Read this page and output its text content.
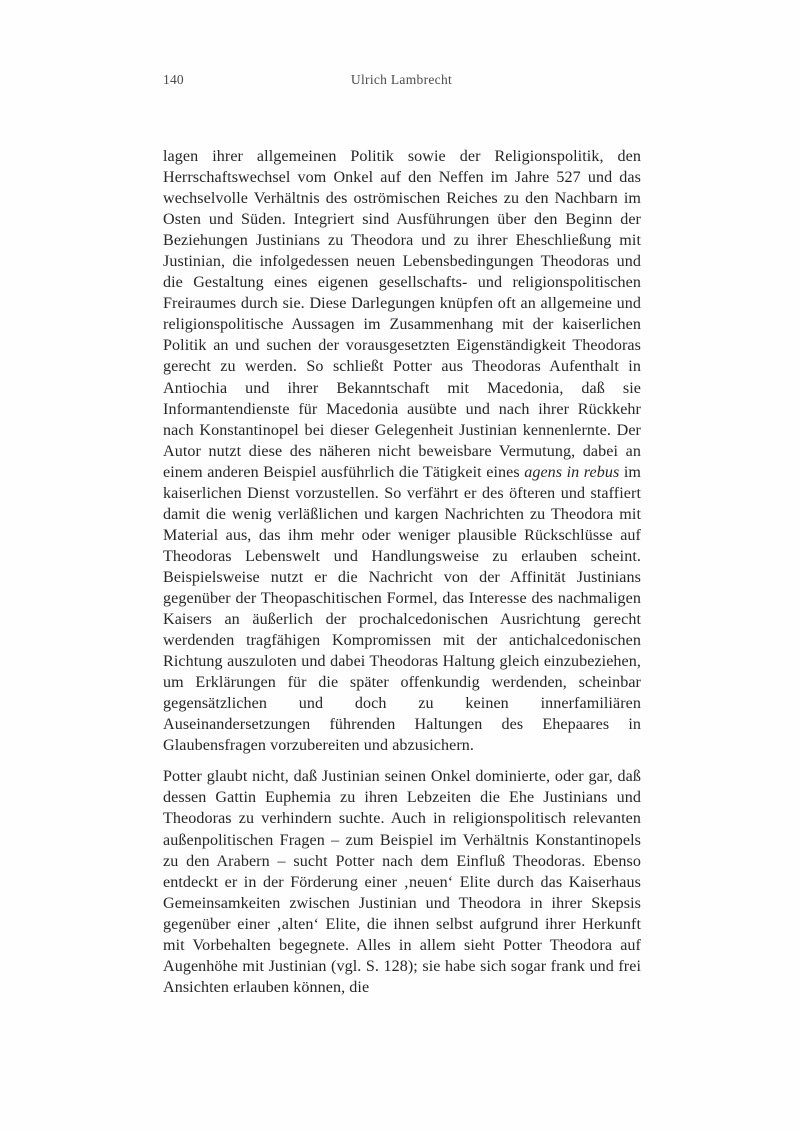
140	Ulrich Lambrecht

lagen ihrer allgemeinen Politik sowie der Religionspolitik, den Herrschaftswechsel vom Onkel auf den Neffen im Jahre 527 und das wechselvolle Verhältnis des oströmischen Reiches zu den Nachbarn im Osten und Süden. Integriert sind Ausführungen über den Beginn der Beziehungen Justinians zu Theodora und zu ihrer Eheschließung mit Justinian, die infolgedessen neuen Lebensbedingungen Theodoras und die Gestaltung eines eigenen gesellschafts- und religionspolitischen Freiraumes durch sie. Diese Darlegungen knüpfen oft an allgemeine und religionspolitische Aussagen im Zusammenhang mit der kaiserlichen Politik an und suchen der vorausgesetzten Eigenständigkeit Theodoras gerecht zu werden. So schließt Potter aus Theodoras Aufenthalt in Antiochia und ihrer Bekanntschaft mit Macedonia, daß sie Informantendienste für Macedonia ausübte und nach ihrer Rückkehr nach Konstantinopel bei dieser Gelegenheit Justinian kennenlernte. Der Autor nutzt diese des näheren nicht beweisbare Vermutung, dabei an einem anderen Beispiel ausführlich die Tätigkeit eines agens in rebus im kaiserlichen Dienst vorzustellen. So verfährt er des öfteren und staffiert damit die wenig verläßlichen und kargen Nachrichten zu Theodora mit Material aus, das ihm mehr oder weniger plausible Rückschlüsse auf Theodoras Lebenswelt und Handlungsweise zu erlauben scheint. Beispielsweise nutzt er die Nachricht von der Affinität Justinians gegenüber der Theopaschitischen Formel, das Interesse des nachmaligen Kaisers an äußerlich der prochalcedonischen Ausrichtung gerecht werdenden tragfähigen Kompromissen mit der antichalcedonischen Richtung auszuloten und dabei Theodoras Haltung gleich einzubeziehen, um Erklärungen für die später offenkundig werdenden, scheinbar gegensätzlichen und doch zu keinen innerfamiliären Auseinandersetzungen führenden Haltungen des Ehepaares in Glaubensfragen vorzubereiten und abzusichern.

Potter glaubt nicht, daß Justinian seinen Onkel dominierte, oder gar, daß dessen Gattin Euphemia zu ihren Lebzeiten die Ehe Justinians und Theodoras zu verhindern suchte. Auch in religionspolitisch relevanten außenpolitischen Fragen – zum Beispiel im Verhältnis Konstantinopels zu den Arabern – sucht Potter nach dem Einfluß Theodoras. Ebenso entdeckt er in der Förderung einer ‚neuen‘ Elite durch das Kaiserhaus Gemeinsamkeiten zwischen Justinian und Theodora in ihrer Skepsis gegenüber einer ‚alten‘ Elite, die ihnen selbst aufgrund ihrer Herkunft mit Vorbehalten begegnete. Alles in allem sieht Potter Theodora auf Augenhöhe mit Justinian (vgl. S. 128); sie habe sich sogar frank und frei Ansichten erlauben können, die
